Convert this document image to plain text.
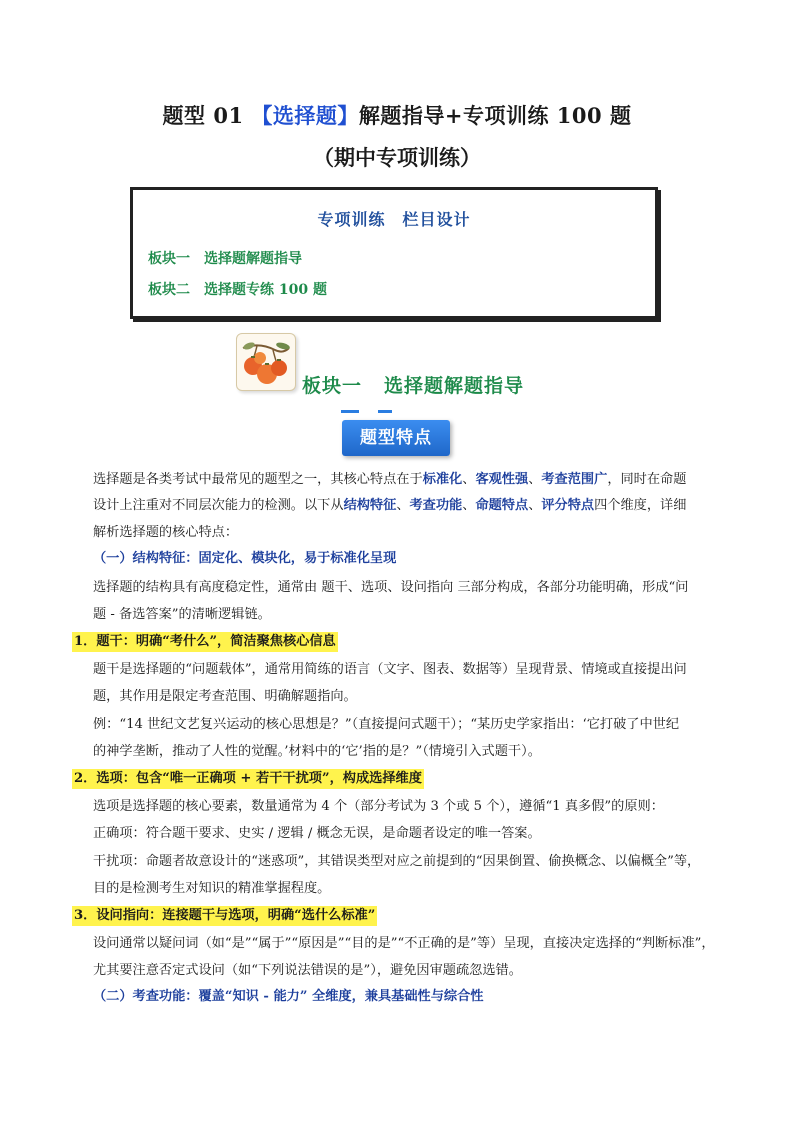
题型 01 【选择题】解题指导+专项训练 100 题
（期中专项训练）
专项训练　栏目设计
板块一　选择题解题指导
板块二　选择题专练 100 题
板块一 选择题解题指导
题型特点
选择题是各类考试中最常见的题型之一，其核心特点在于标准化、客观性强、考查范围广，同时在命题
设计上注重对不同层次能力的检测。以下从结构特征、考查功能、命题特点、评分特点四个维度，详细
解析选择题的核心特点：
（一）结构特征：固定化、模块化，易于标准化呈现
选择题的结构具有高度稳定性，通常由 题干、选项、设问指向 三部分构成，各部分功能明确，形成“问
题 - 备选答案”的清晰逻辑链。
1．题干：明确“考什么”，简洁聚焦核心信息
题干是选择题的“问题载体”，通常用简练的语言（文字、图表、数据等）呈现背景、情境或直接提出问
题，其作用是限定考查范围、明确解题指向。
例：“14 世纪文艺复兴运动的核心思想是？”（直接提问式题干）；“某历史学家指出：‘它打破了中世纪
的神学垄断，推动了人性的觉醒。’材料中的‘它’指的是？”（情境引入式题干）。
2．选项：包含“唯一正确项 + 若干干扰项”，构成选择维度
选项是选择题的核心要素，数量通常为 4 个（部分考试为 3 个或 5 个），遵循“1 真多假”的原则：
正确项：符合题干要求、史实 / 逻辑 / 概念无误，是命题者设定的唯一答案。
干扰项：命题者故意设计的“迷惑项”，其错误类型对应之前提到的“因果倒置、偷换概念、以偏概全”等，
目的是检测考生对知识的精准掌握程度。
3．设问指向：连接题干与选项，明确“选什么标准”
设问通常以疑问词（如“是”“属于”“原因是”“目的是”“不正确的是”等）呈现，直接决定选择的“判断标准”，
尤其要注意否定式设问（如“下列说法错误的是”），避免因审题疏忽选错。
（二）考查功能：覆盖“知识 - 能力” 全维度，兼具基础性与综合性
